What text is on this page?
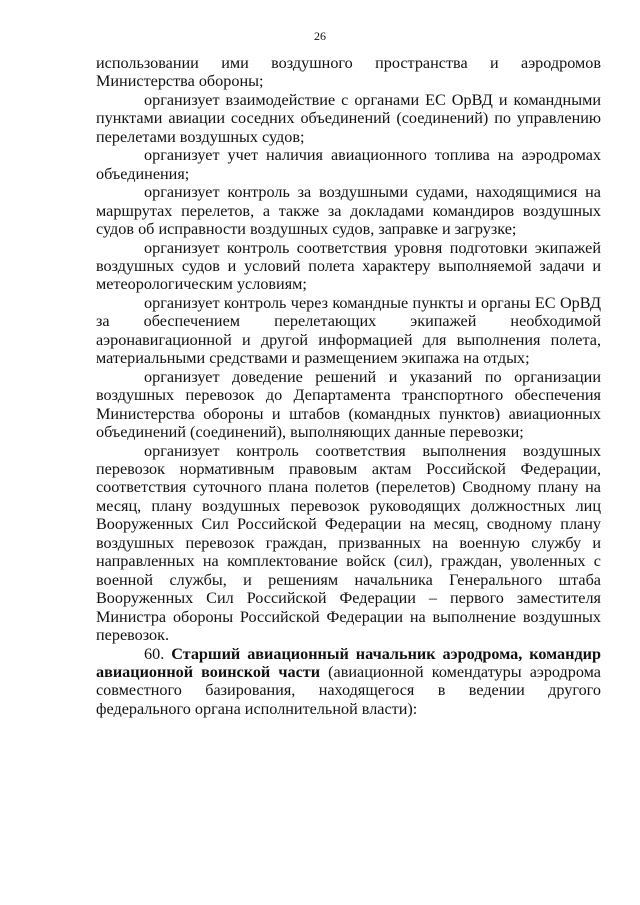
26

использовании ими воздушного пространства и аэродромов Министерства обороны;

организует взаимодействие с органами ЕС ОрВД и командными пунктами авиации соседних объединений (соединений) по управлению перелетами воздушных судов;

организует учет наличия авиационного топлива на аэродромах объединения;

организует контроль за воздушными судами, находящимися на маршрутах перелетов, а также за докладами командиров воздушных судов об исправности воздушных судов, заправке и загрузке;

организует контроль соответствия уровня подготовки экипажей воздушных судов и условий полета характеру выполняемой задачи и метеорологическим условиям;

организует контроль через командные пункты и органы ЕС ОрВД за обеспечением перелетающих экипажей необходимой аэронавигационной и другой информацией для выполнения полета, материальными средствами и размещением экипажа на отдых;

организует доведение решений и указаний по организации воздушных перевозок до Департамента транспортного обеспечения Министерства обороны и штабов (командных пунктов) авиационных объединений (соединений), выполняющих данные перевозки;

организует контроль соответствия выполнения воздушных перевозок нормативным правовым актам Российской Федерации, соответствия суточного плана полетов (перелетов) Сводному плану на месяц, плану воздушных перевозок руководящих должностных лиц Вооруженных Сил Российской Федерации на месяц, сводному плану воздушных перевозок граждан, призванных на военную службу и направленных на комплектование войск (сил), граждан, уволенных с военной службы, и решениям начальника Генерального штаба Вооруженных Сил Российской Федерации – первого заместителя Министра обороны Российской Федерации на выполнение воздушных перевозок.

60. Старший авиационный начальник аэродрома, командир авиационной воинской части (авиационной комендатуры аэродрома совместного базирования, находящегося в ведении другого федерального органа исполнительной власти):
